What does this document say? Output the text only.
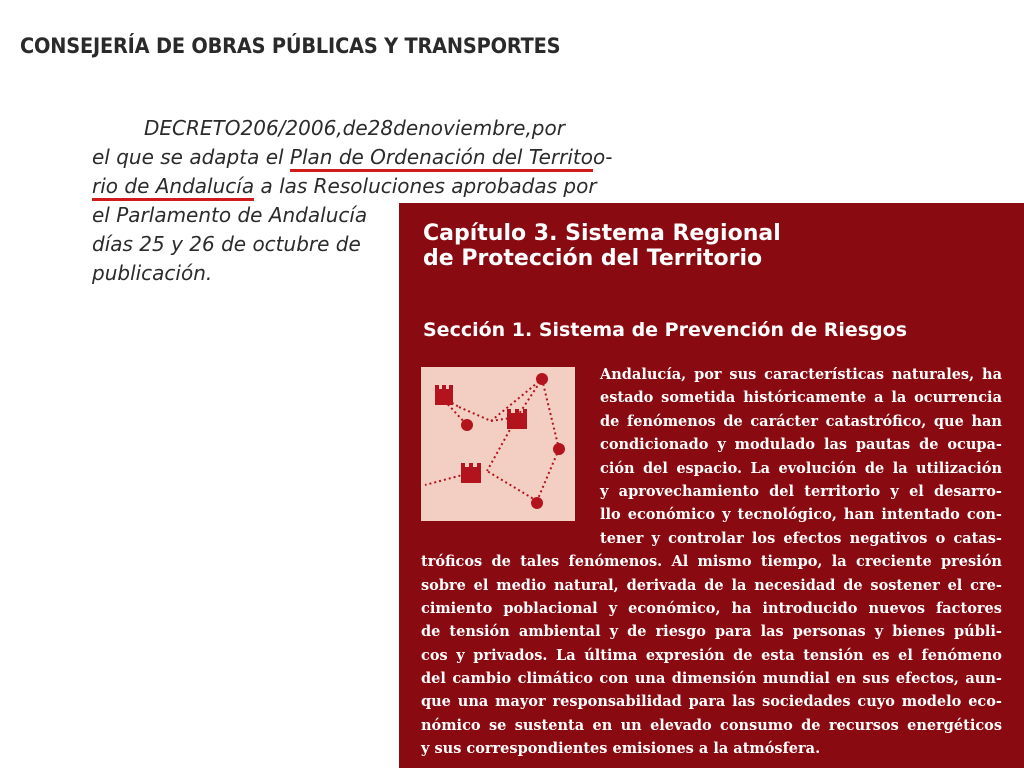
CONSEJERÍA DE OBRAS PÚBLICAS Y TRANSPORTES
DECRETO206/2006,de28denoviembre,por
el que se adapta el Plan de Ordenación del Territoo-
rio de Andalucía a las Resoluciones aprobadas por
el Parlamento de Andalucía
días 25 y 26 de octubre de
publicación.
Capítulo 3. Sistema Regional
de Protección del Territorio
Sección 1. Sistema de Prevención de Riesgos
Andalucía, por sus características naturales, ha
estado sometida históricamente a la ocurrencia
de fenómenos de carácter catastrófico, que han
condicionado y modulado las pautas de ocupa-
ción del espacio. La evolución de la utilización
y aprovechamiento del territorio y el desarro-
llo económico y tecnológico, han intentado con-
tener y controlar los efectos negativos o catas-
tróficos de tales fenómenos. Al mismo tiempo, la creciente presión
sobre el medio natural, derivada de la necesidad de sostener el cre-
cimiento poblacional y económico, ha introducido nuevos factores
de tensión ambiental y de riesgo para las personas y bienes públi-
cos y privados. La última expresión de esta tensión es el fenómeno
del cambio climático con una dimensión mundial en sus efectos, aun-
que una mayor responsabilidad para las sociedades cuyo modelo eco-
nómico se sustenta en un elevado consumo de recursos energéticos
y sus correspondientes emisiones a la atmósfera.
